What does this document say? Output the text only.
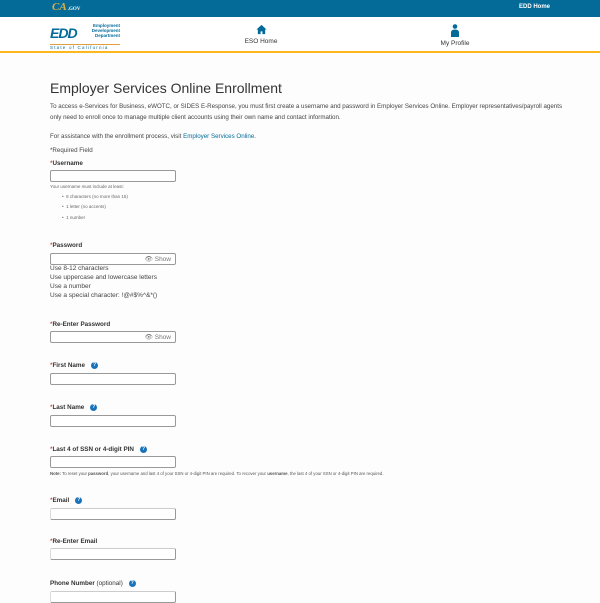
CA.GOV	EDD Home
EDD	Employment
Development
Department
State of California
ESO Home	My Profile
Employer Services Online Enrollment
To access e-Services for Business, eWOTC, or SIDES E-Response, you must first create a username and password in Employer Services Online. Employer representatives/payroll agents only need to enroll once to manage multiple client accounts using their own name and contact information.
For assistance with the enrollment process, visit Employer Services Online.
*Required Field
Your username must include at least:
•  8 characters (no more than 15)
•  1 letter (no accents)
•  1 number
Use 8-12 characters
Use uppercase and lowercase letters
Use a number
Use a special character: !@#$%^&*()
Note: To reset your password, your username and last 4 of your SSN or 4-digit PIN are required. To recover your username, the last 4 of your SSN or 4-digit PIN are required.
*Username
*Password
👁 Show
*Re-Enter Password
👁 Show
*First Name ?
*Last Name ?
*Last 4 of SSN or 4-digit PIN ?
*Email ?
*Re-Enter Email
Phone Number (optional) ?
